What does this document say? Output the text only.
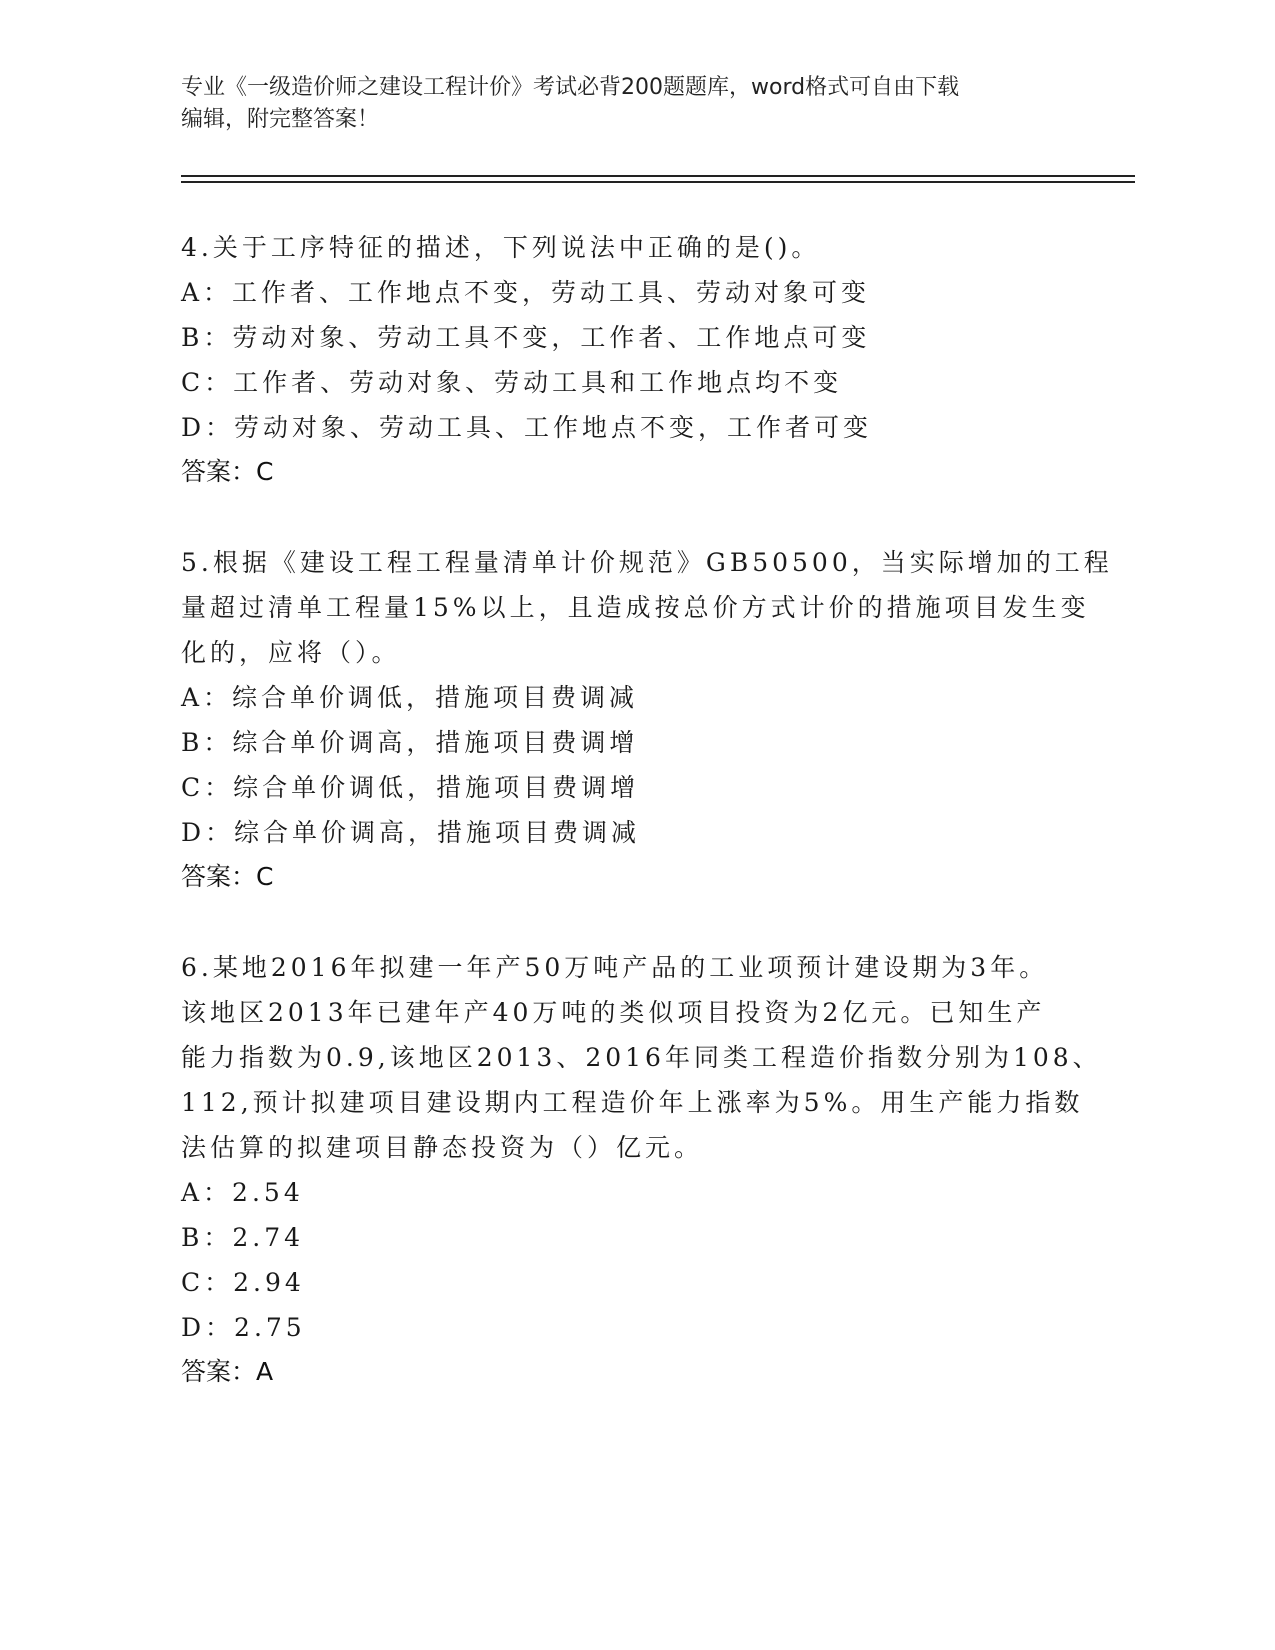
专业《一级造价师之建设工程计价》考试必背200题题库，word格式可自由下载
编辑，附完整答案！
4.关于工序特征的描述，下列说法中正确的是()。
A：工作者、工作地点不变，劳动工具、劳动对象可变
B：劳动对象、劳动工具不变，工作者、工作地点可变
C：工作者、劳动对象、劳动工具和工作地点均不变
D：劳动对象、劳动工具、工作地点不变，工作者可变
答案：C
5.根据《建设工程工程量清单计价规范》GB50500，当实际增加的工程
量超过清单工程量15%以上，且造成按总价方式计价的措施项目发生变
化的，应将（）。
A：综合单价调低，措施项目费调减
B：综合单价调高，措施项目费调增
C：综合单价调低，措施项目费调增
D：综合单价调高，措施项目费调减
答案：C
6.某地2016年拟建一年产50万吨产品的工业项预计建设期为3年。
该地区2013年已建年产40万吨的类似项目投资为2亿元。已知生产
能力指数为0.9,该地区2013、2016年同类工程造价指数分别为108、
112,预计拟建项目建设期内工程造价年上涨率为5%。用生产能力指数
法估算的拟建项目静态投资为（）亿元。
A：2.54
B：2.74
C：2.94
D：2.75
答案：A
